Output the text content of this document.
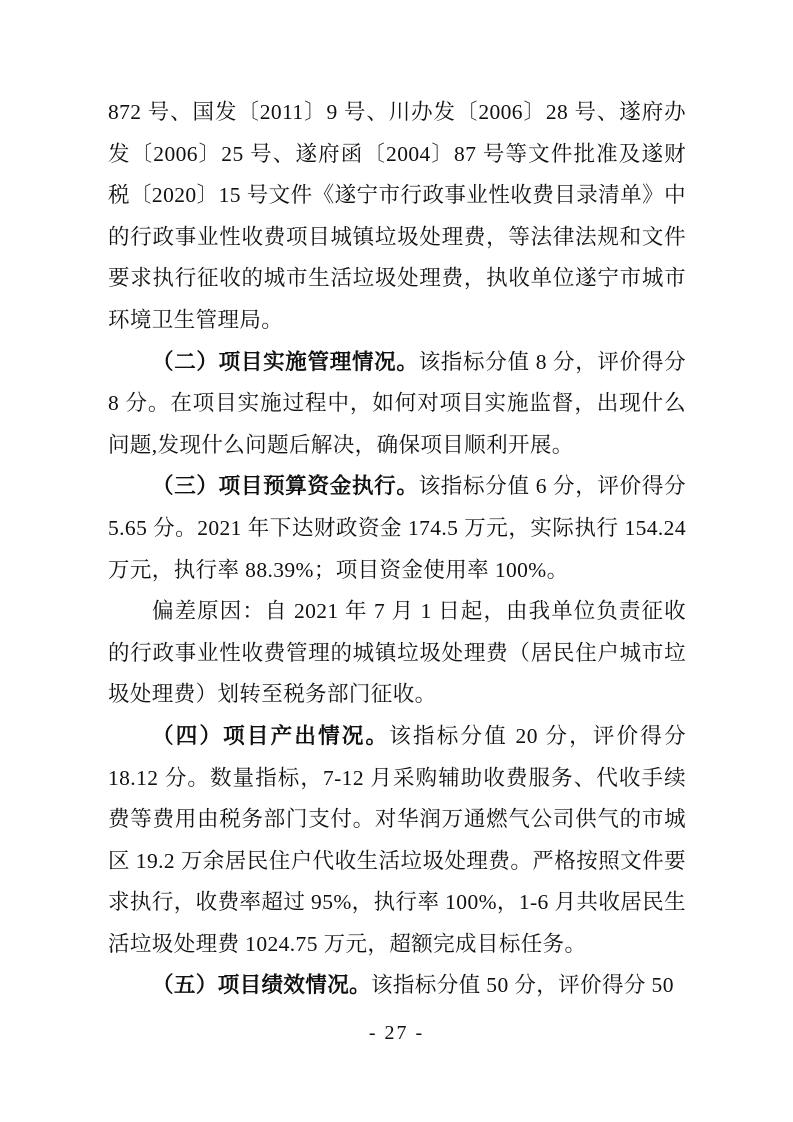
872 号、国发〔2011〕9 号、川办发〔2006〕28 号、遂府办发〔2006〕25 号、遂府函〔2004〕87 号等文件批准及遂财税〔2020〕15 号文件《遂宁市行政事业性收费目录清单》中的行政事业性收费项目城镇垃圾处理费，等法律法规和文件要求执行征收的城市生活垃圾处理费，执收单位遂宁市城市环境卫生管理局。

（二）项目实施管理情况。该指标分值 8 分，评价得分 8 分。在项目实施过程中，如何对项目实施监督，出现什么问题,发现什么问题后解决，确保项目顺利开展。

（三）项目预算资金执行。该指标分值 6 分，评价得分 5.65 分。2021 年下达财政资金 174.5 万元，实际执行 154.24 万元，执行率 88.39%；项目资金使用率 100%。

偏差原因：自 2021 年 7 月 1 日起，由我单位负责征收的行政事业性收费管理的城镇垃圾处理费（居民住户城市垃圾处理费）划转至税务部门征收。

（四）项目产出情况。该指标分值 20 分，评价得分 18.12 分。数量指标，7-12 月采购辅助收费服务、代收手续费等费用由税务部门支付。对华润万通燃气公司供气的市城区 19.2 万余居民住户代收生活垃圾处理费。严格按照文件要求执行，收费率超过 95%，执行率 100%，1-6 月共收居民生活垃圾处理费 1024.75 万元，超额完成目标任务。

（五）项目绩效情况。该指标分值 50 分，评价得分 50

- 27 -
